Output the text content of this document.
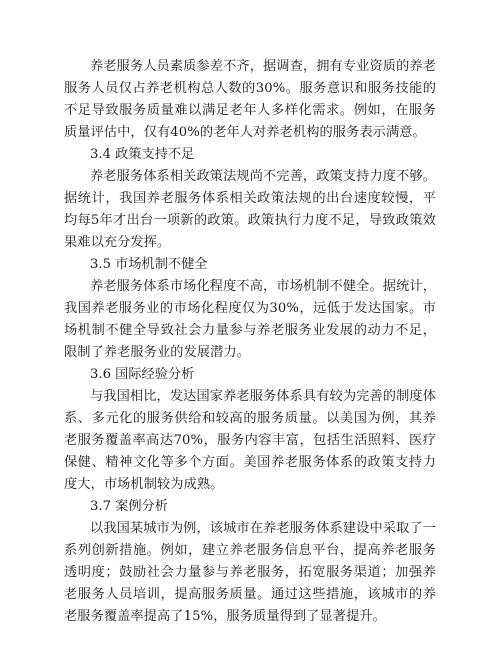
养老服务人员素质参差不齐，据调查，拥有专业资质的养老服务人员仅占养老机构总人数的30%。服务意识和服务技能的不足导致服务质量难以满足老年人多样化需求。例如，在服务质量评估中，仅有40%的老年人对养老机构的服务表示满意。

3.4 政策支持不足

养老服务体系相关政策法规尚不完善，政策支持力度不够。据统计，我国养老服务体系相关政策法规的出台速度较慢，平均每5年才出台一项新的政策。政策执行力度不足，导致政策效果难以充分发挥。

3.5 市场机制不健全

养老服务体系市场化程度不高，市场机制不健全。据统计，我国养老服务业的市场化程度仅为30%，远低于发达国家。市场机制不健全导致社会力量参与养老服务业发展的动力不足，限制了养老服务业的发展潜力。

3.6 国际经验分析

与我国相比，发达国家养老服务体系具有较为完善的制度体系、多元化的服务供给和较高的服务质量。以美国为例，其养老服务覆盖率高达70%，服务内容丰富，包括生活照料、医疗保健、精神文化等多个方面。美国养老服务体系的政策支持力度大，市场机制较为成熟。

3.7 案例分析

以我国某城市为例，该城市在养老服务体系建设中采取了一系列创新措施。例如，建立养老服务信息平台，提高养老服务透明度；鼓励社会力量参与养老服务，拓宽服务渠道；加强养老服务人员培训，提高服务质量。通过这些措施，该城市的养老服务覆盖率提高了15%，服务质量得到了显著提升。
